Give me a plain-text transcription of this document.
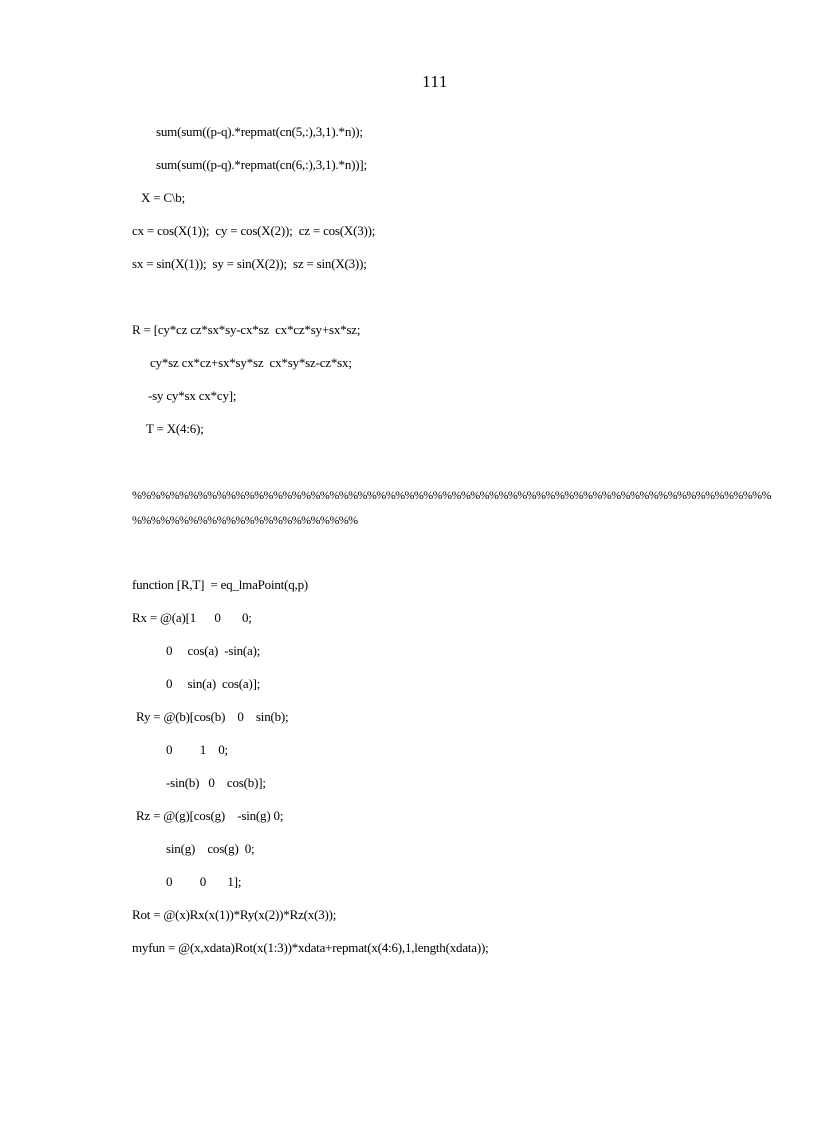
111
sum(sum((p-q).*repmat(cn(5,:),3,1).*n));
sum(sum((p-q).*repmat(cn(6,:),3,1).*n))];
X = C\b;
cx = cos(X(1));  cy = cos(X(2));  cz = cos(X(3));
sx = sin(X(1));  sy = sin(X(2));  sz = sin(X(3));
R = [cy*cz cz*sx*sy-cx*sz  cx*cz*sy+sx*sz;
cy*sz cx*cz+sx*sy*sz  cx*sy*sz-cz*sx;
-sy cy*sx cx*cy];
T = X(4:6);
%%%%%%%%%%%%%%%%%%%%%%%%%%%%%%%%%%%%%%%%%%%%%%%%%%%%%%%%%%%%%%%%%%%%
%%%%%%%%%%%%%%%%%%%%%%%%
function [R,T]  = eq_lmaPoint(q,p)
Rx = @(a)[1      0       0;
0     cos(a)  -sin(a);
0     sin(a)  cos(a)];
Ry = @(b)[cos(b)    0    sin(b);
0         1    0;
-sin(b)   0    cos(b)];
Rz = @(g)[cos(g)    -sin(g) 0;
sin(g)    cos(g)  0;
0         0       1];
Rot = @(x)Rx(x(1))*Ry(x(2))*Rz(x(3));
myfun = @(x,xdata)Rot(x(1:3))*xdata+repmat(x(4:6),1,length(xdata));
